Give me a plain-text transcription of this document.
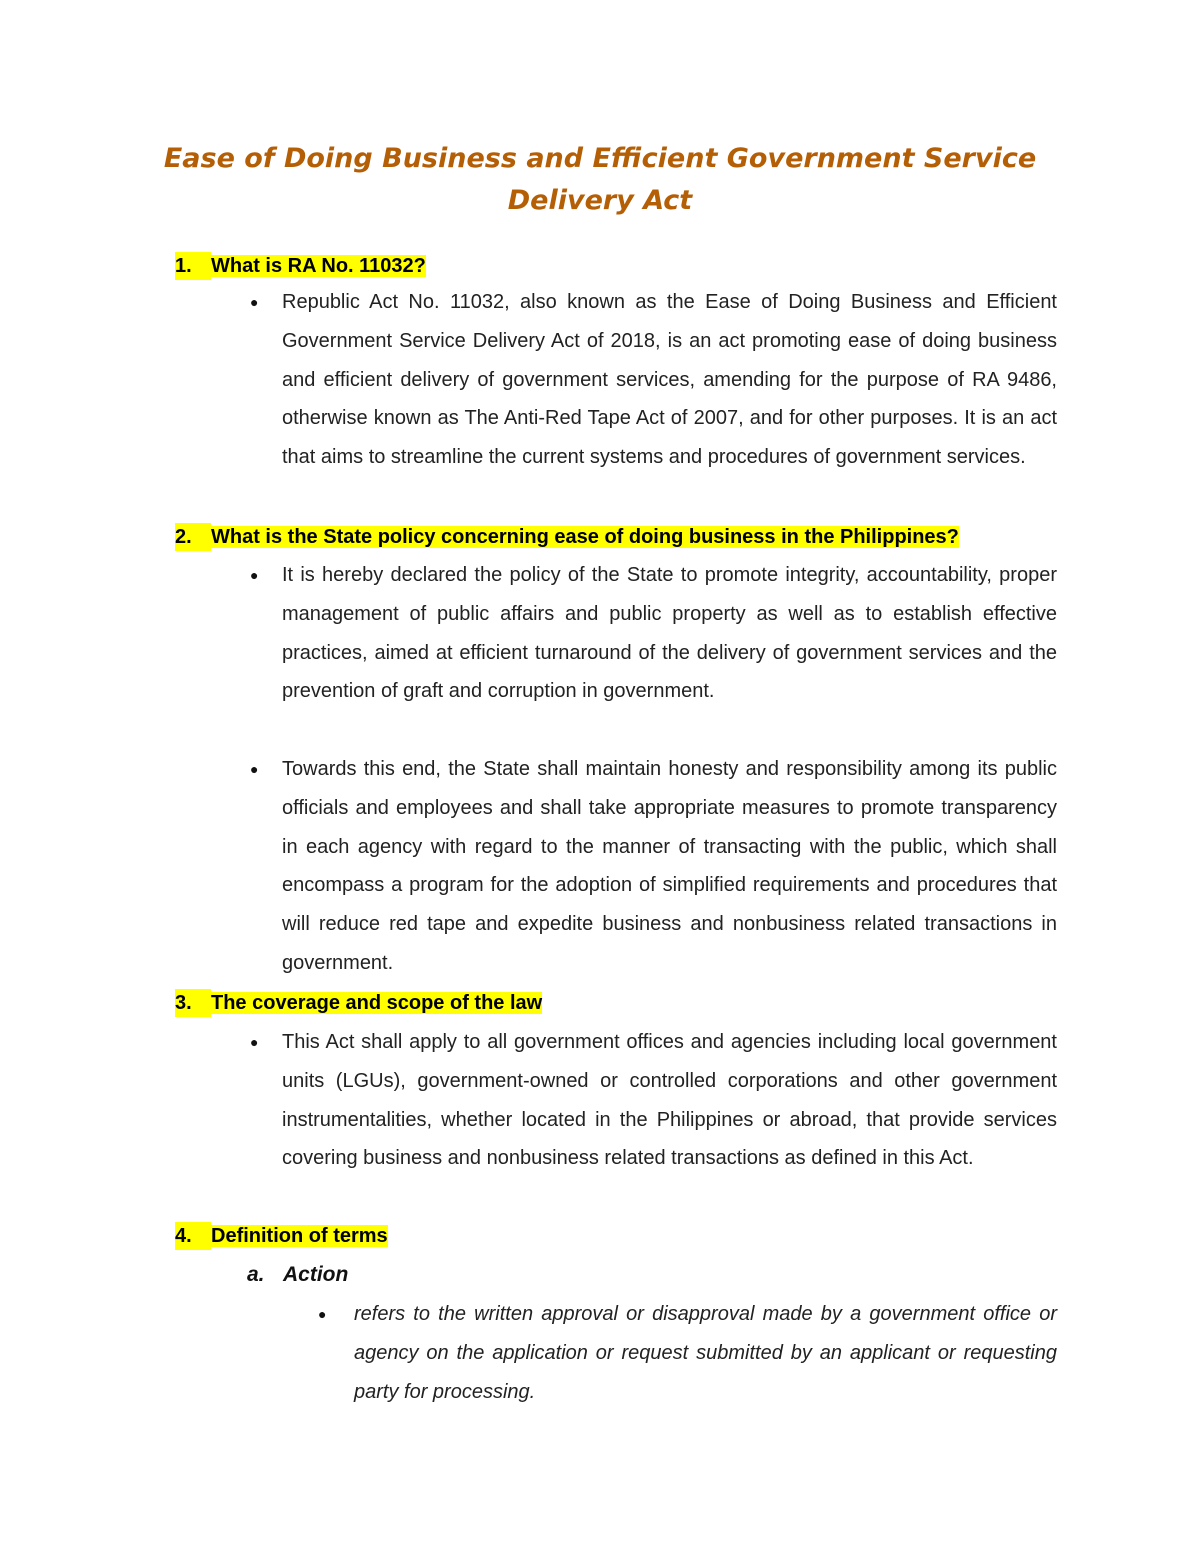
Ease of Doing Business and Efficient Government Service Delivery Act
1. What is RA No. 11032?
● Republic Act No. 11032, also known as the Ease of Doing Business and Efficient Government Service Delivery Act of 2018, is an act promoting ease of doing business and efficient delivery of government services, amending for the purpose of RA 9486, otherwise known as The Anti-Red Tape Act of 2007, and for other purposes. It is an act that aims to streamline the current systems and procedures of government services.
2. What is the State policy concerning ease of doing business in the Philippines?
● It is hereby declared the policy of the State to promote integrity, accountability, proper management of public affairs and public property as well as to establish effective practices, aimed at efficient turnaround of the delivery of government services and the prevention of graft and corruption in government.
● Towards this end, the State shall maintain honesty and responsibility among its public officials and employees and shall take appropriate measures to promote transparency in each agency with regard to the manner of transacting with the public, which shall encompass a program for the adoption of simplified requirements and procedures that will reduce red tape and expedite business and nonbusiness related transactions in government.
3. The coverage and scope of the law
● This Act shall apply to all government offices and agencies including local government units (LGUs), government-owned or controlled corporations and other government instrumentalities, whether located in the Philippines or abroad, that provide services covering business and nonbusiness related transactions as defined in this Act.
4. Definition of terms
a. Action
● refers to the written approval or disapproval made by a government office or agency on the application or request submitted by an applicant or requesting party for processing.
